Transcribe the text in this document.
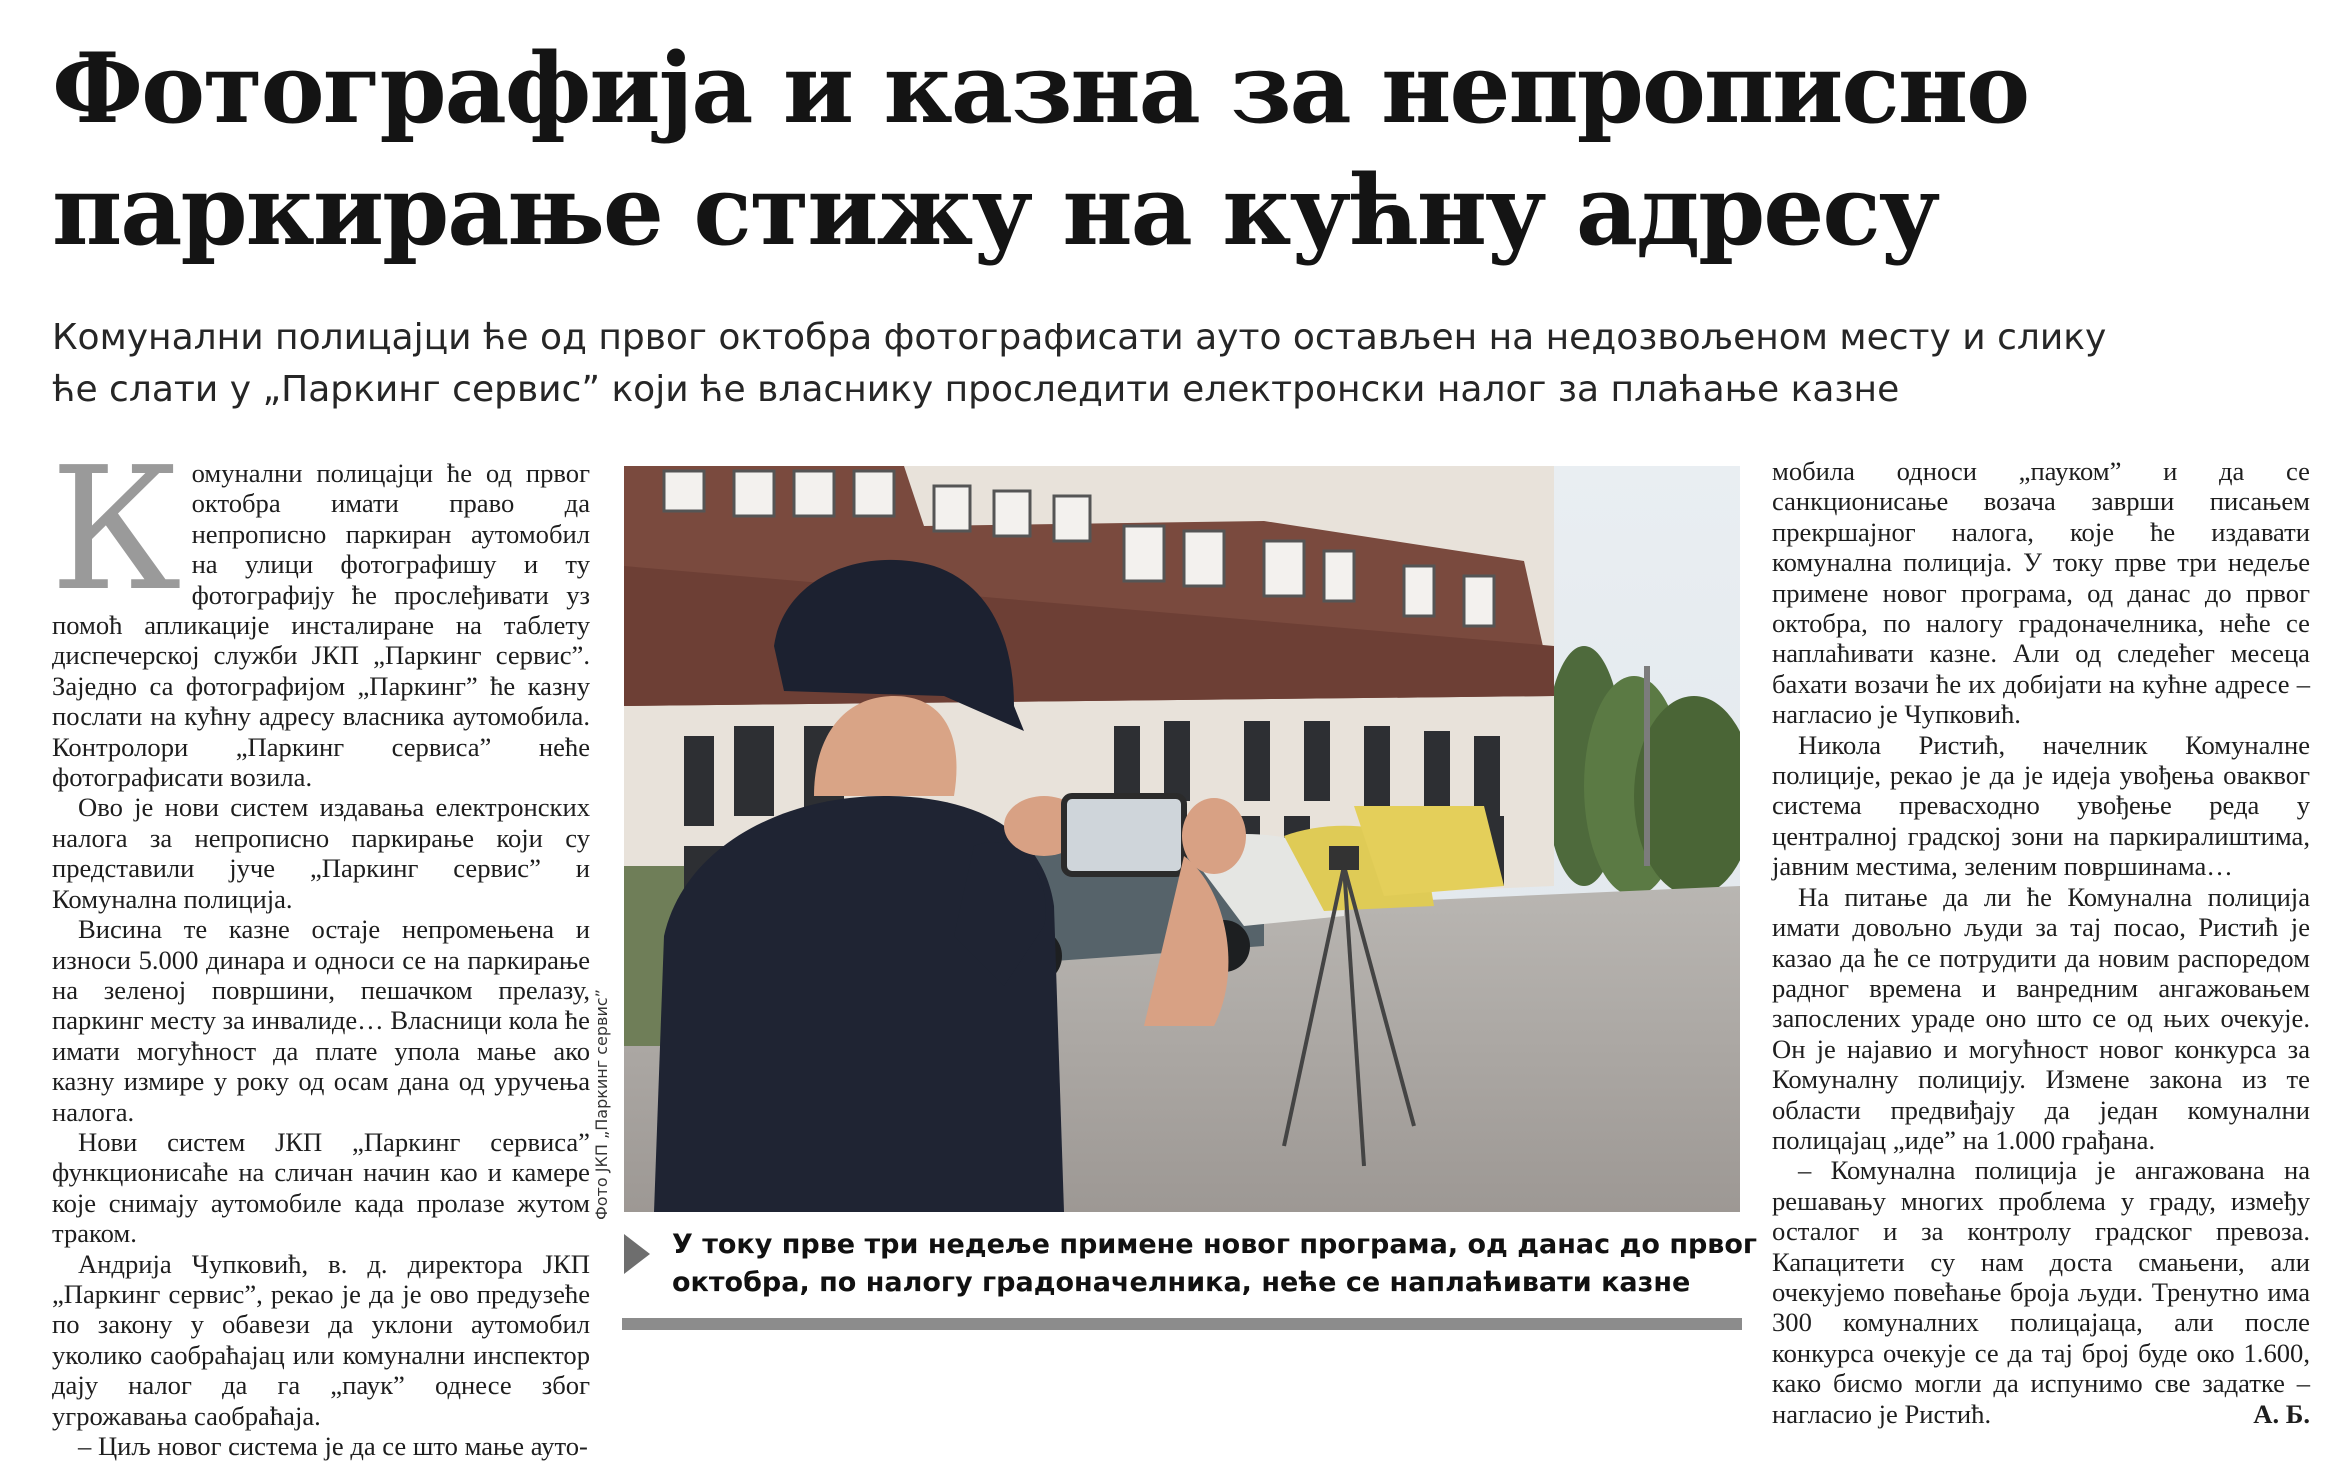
Фотографија и казна за непрописно
паркирање стижу на кућну адресу
Комунални полицајци ће од првог октобра фотографисати ауто остављен на недозвољеном месту и слику
ће слати у „Паркинг сервис” који ће власнику проследити електронски налог за плаћање казне

К омунални полицајци ће од првог октобра имати право да непрописно паркиран аутомобил на улици фотографишу и ту фотографију ће прослеђивати уз помоћ апликације инсталиране на таблету диспечерској служби ЈКП „Паркинг сервис”. Заједно са фотографијом „Паркинг” ће казну послати на кућну адресу власника аутомобила. Контролори „Паркинг сервиса” неће фотографисати возила.

Ово је нови систем издавања електронских налога за непрописно паркирање који су представили јуче „Паркинг сервис” и Комунална полиција.

Висина те казне остаје непромењена и износи 5.000 динара и односи се на паркирање на зеленој површини, пешачком прелазу, паркинг месту за инвалиде… Власници кола ће имати могућност да плате упола мање ако казну измире у року од осам дана од уручења налога.

Нови систем ЈКП „Паркинг сервиса” функционисаће на сличан начин као и камере које снимају аутомобиле када пролазе жутом траком.

Андрија Чупковић, в. д. директора ЈКП „Паркинг сервис”, рекао је да је ово предузеће по закону у обавези да уклони аутомобил уколико саобраћајац или комунални инспектор дају налог да га „паук” однесе због угрожавања саобраћаја.

– Циљ новог система је да се што мање ауто-

Фото ЈКП „Паркинг сервис”
У току прве три недеље примене новог програма, од данас до првог
октобра, по налогу градоначелника, неће се наплаћивати казне

мобила односи „пауком” и да се санкционисање возача заврши писањем прекршајног налога, које ће издавати комунална полиција. У току прве три недеље примене новог програма, од данас до првог октобра, по налогу градоначелника, неће се наплаћивати казне. Али од следећег месеца бахати возачи ће их добијати на кућне адресе – нагласио је Чупковић.

Никола Ристић, начелник Комуналне полиције, рекао је да је идеја увођења оваквог система превасходно увођење реда у централној градској зони на паркиралиштима, јавним местима, зеленим површинама…

На питање да ли ће Комунална полиција имати довољно људи за тај посао, Ристић је казао да ће се потрудити да новим распоредом радног времена и ванредним ангажовањем запослених ураде оно што се од њих очекује. Он је најавио и могућност новог конкурса за Комуналну полицију. Измене закона из те области предвиђају да један комунални полицајац „иде” на 1.000 грађана.

– Комунална полиција је ангажована на решавању многих проблема у граду, између осталог и за контролу градског превоза. Капацитети су нам доста смањени, али очекујемо повећање броја људи. Тренутно има 300 комуналних полицајаца, али после конкурса очекује се да тај број буде око 1.600, како бисмо могли да испунимо све задатке – нагласио је Ристић.	А. Б.
